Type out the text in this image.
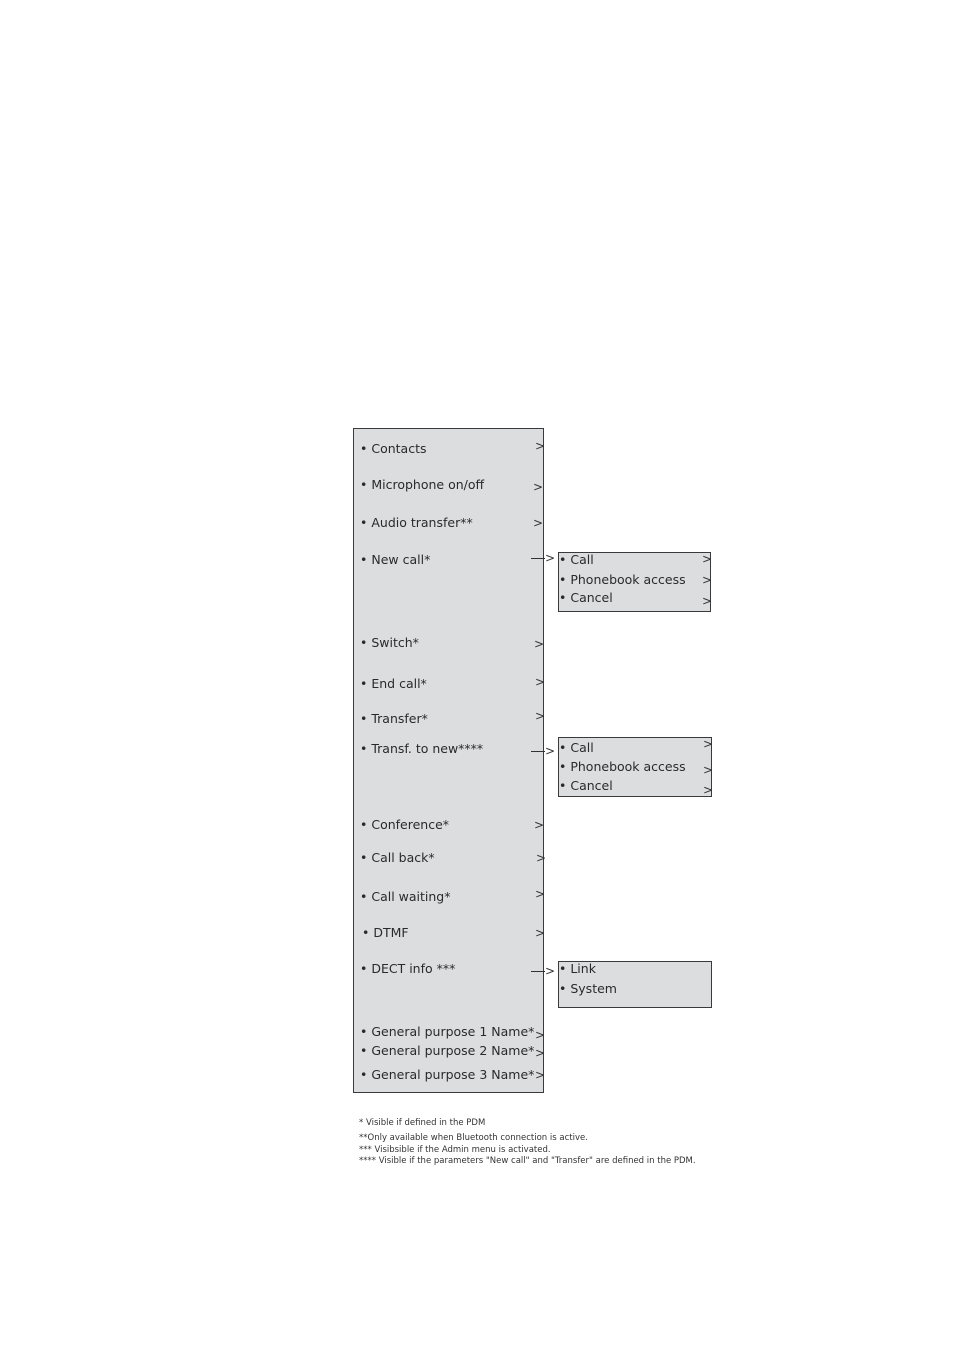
• Contacts	>
• Microphone on/off	>
• Audio transfer**	>
• New call*	>
• Switch*	>
• End call*	>
• Transfer*	>
• Transf. to new****	>
• Conference*	>
• Call back*	>
• Call waiting*	>
• DTMF	>
• DECT info ***	>
• General purpose 1 Name* >
• General purpose 2 Name* >
• General purpose 3 Name* >
• Call	>
• Phonebook access >
• Cancel	>
• Call	>
• Phonebook access >
• Cancel	>
• Link
• System
* Visible if defined in the PDM
**Only available when Bluetooth connection is active.
*** Visibsible if the Admin menu is activated.
**** Visible if the parameters "New call" and "Transfer" are defined in the PDM.
